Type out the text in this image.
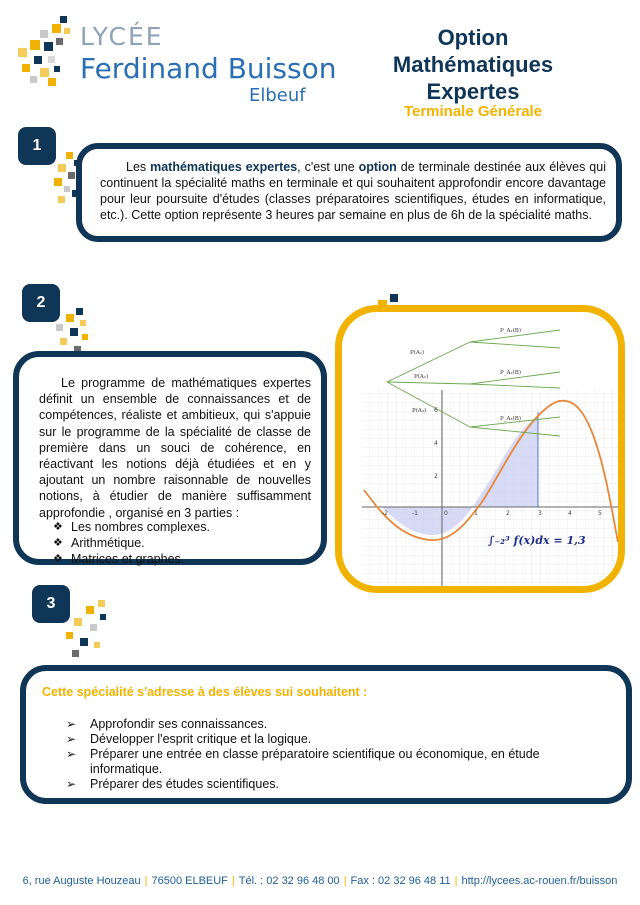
LYCÉE
Ferdinand Buisson
Elbeuf
Option Mathématiques Expertes
Terminale Générale
1

Les mathématiques expertes, c'est une option de terminale destinée aux élèves qui continuent la spécialité maths en terminale et qui souhaitent approfondir encore davantage pour leur poursuite d'études (classes préparatoires scientifiques, études en informatique, etc.). Cette option représente 3 heures par semaine en plus de 6h de la spécialité maths.

2

Le programme de mathématiques expertes définit un ensemble de connaissances et de compétences, réaliste et ambitieux, qui s'appuie sur le programme de la spécialité de classe de première dans un souci de cohérence, en réactivant les notions déjà étudiées et en y ajoutant un nombre raisonnable de nouvelles notions, à étudier de manière suffisamment approfondie , organisé en 3 parties :

❖ Les nombres complexes.
❖ Arithmétique.
❖ Matrices et graphes.
P(A₁)
P(A₂)
P(A₃)
P_A₁(B)
P_A₂(B)
P_A₃(B)
-2	-1	0	1	2	3	4	5
6
4
2
∫₋₂³ f(x)dx = 1,3
3
Cette spécialité s'adresse à des élèves sui souhaitent :
➢ Approfondir ses connaissances.
➢ Développer l'esprit critique et la logique.
➢ Préparer une entrée en classe préparatoire scientifique ou économique, en étude informatique.
➢ Préparer des études scientifiques.
6, rue Auguste Houzeau | 76500 ELBEUF | Tél. : 02 32 96 48 00 | Fax : 02 32 96 48 11 | http://lycees.ac-rouen.fr/buisson
